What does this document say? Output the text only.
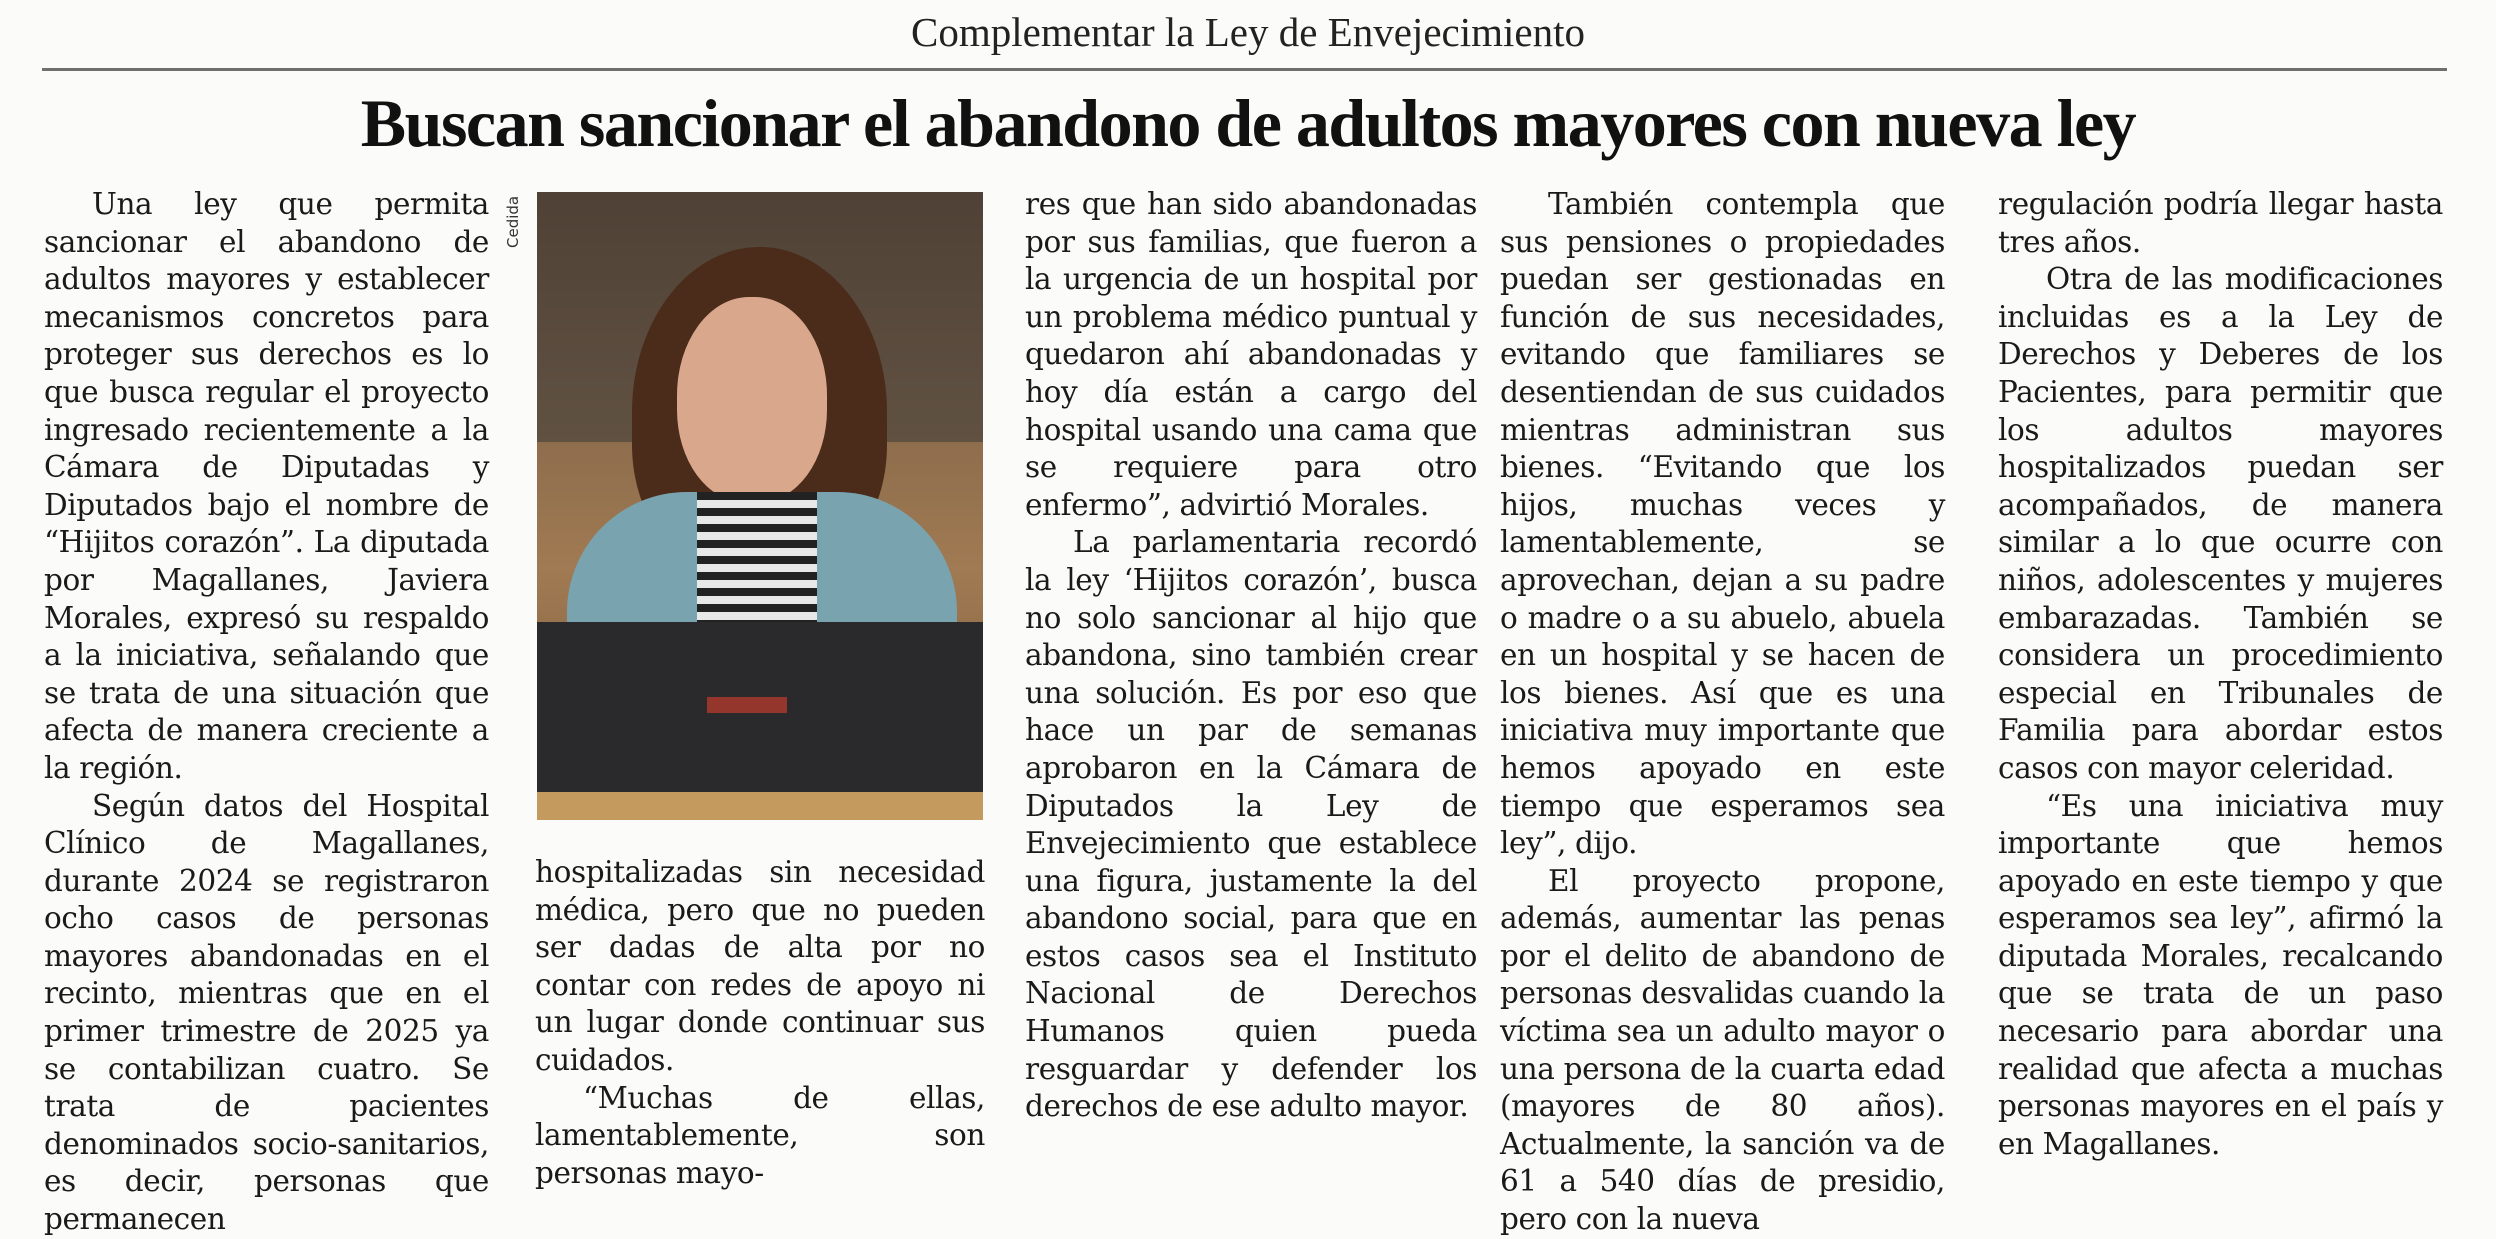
Complementar la Ley de Envejecimiento
Buscan sancionar el abandono de adultos mayores con nueva ley
Cedida

Una ley que permita sancionar el abandono de adultos mayores y establecer mecanismos concretos para proteger sus derechos es lo que busca regular el proyecto ingresado recientemente a la Cámara de Diputadas y Diputados bajo el nombre de “Hijitos corazón”. La diputada por Magallanes, Javiera Morales, expresó su respaldo a la iniciativa, señalando que se trata de una situación que afecta de manera creciente a la región.

Según datos del Hospital Clínico de Magallanes, durante 2024 se registraron ocho casos de personas mayores abandonadas en el recinto, mientras que en el primer trimestre de 2025 ya se contabilizan cuatro. Se trata de pacientes denominados socio-sanitarios, es decir, personas que permanecen

hospitalizadas sin necesidad médica, pero que no pueden ser dadas de alta por no contar con redes de apoyo ni un lugar donde continuar sus cuidados.

“Muchas de ellas, lamentablemente, son personas mayo-

res que han sido abandonadas por sus familias, que fueron a la urgencia de un hospital por un problema médico puntual y quedaron ahí abandonadas y hoy día están a cargo del hospital usando una cama que se requiere para otro enfermo”, advirtió Morales.

La parlamentaria recordó la ley ‘Hijitos corazón’, busca no solo sancionar al hijo que abandona, sino también crear una solución. Es por eso que hace un par de semanas aprobaron en la Cámara de Diputados la Ley de Envejecimiento que establece una figura, justamente la del abandono social, para que en estos casos sea el Instituto Nacional de Derechos Humanos quien pueda resguardar y defender los derechos de ese adulto mayor.

También contempla que sus pensiones o propiedades puedan ser gestionadas en función de sus necesidades, evitando que familiares se desentiendan de sus cuidados mientras administran sus bienes. “Evitando que los hijos, muchas veces y lamentablemente, se aprovechan, dejan a su padre o madre o a su abuelo, abuela en un hospital y se hacen de los bienes. Así que es una iniciativa muy importante que hemos apoyado en este tiempo que esperamos sea ley”, dijo.

El proyecto propone, además, aumentar las penas por el delito de abandono de personas desvalidas cuando la víctima sea un adulto mayor o una persona de la cuarta edad (mayores de 80 años). Actualmente, la sanción va de 61 a 540 días de presidio, pero con la nueva

regulación podría llegar hasta tres años.

Otra de las modificaciones incluidas es a la Ley de Derechos y Deberes de los Pacientes, para permitir que los adultos mayores hospitalizados puedan ser acompañados, de manera similar a lo que ocurre con niños, adolescentes y mujeres embarazadas. También se considera un procedimiento especial en Tribunales de Familia para abordar estos casos con mayor celeridad.

“Es una iniciativa muy importante que hemos apoyado en este tiempo y que esperamos sea ley”, afirmó la diputada Morales, recalcando que se trata de un paso necesario para abordar una realidad que afecta a muchas personas mayores en el país y en Magallanes.
